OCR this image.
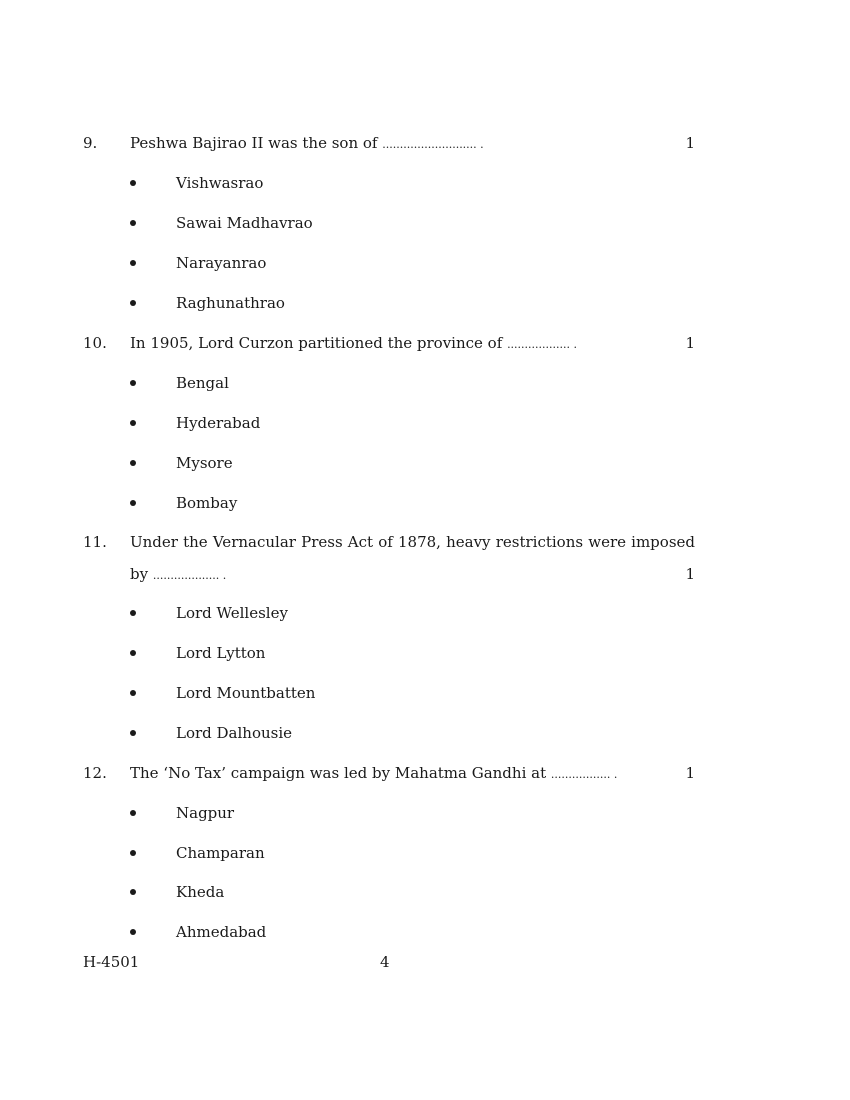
9. Peshwa Bajirao II was the son of ........................... .	1
Vishwasrao
Sawai Madhavrao
Narayanrao
Raghunathrao
10. In 1905, Lord Curzon partitioned the province of .................. .	1
Bengal
Hyderabad
Mysore
Bombay
11. Under the Vernacular Press Act of 1878, heavy restrictions were imposed
by ................... .	1
Lord Wellesley
Lord Lytton
Lord Mountbatten
Lord Dalhousie
12. The ‘No Tax’ campaign was led by Mahatma Gandhi at ................. .	1
Nagpur
Champaran
Kheda
Ahmedabad
H-4501	4
